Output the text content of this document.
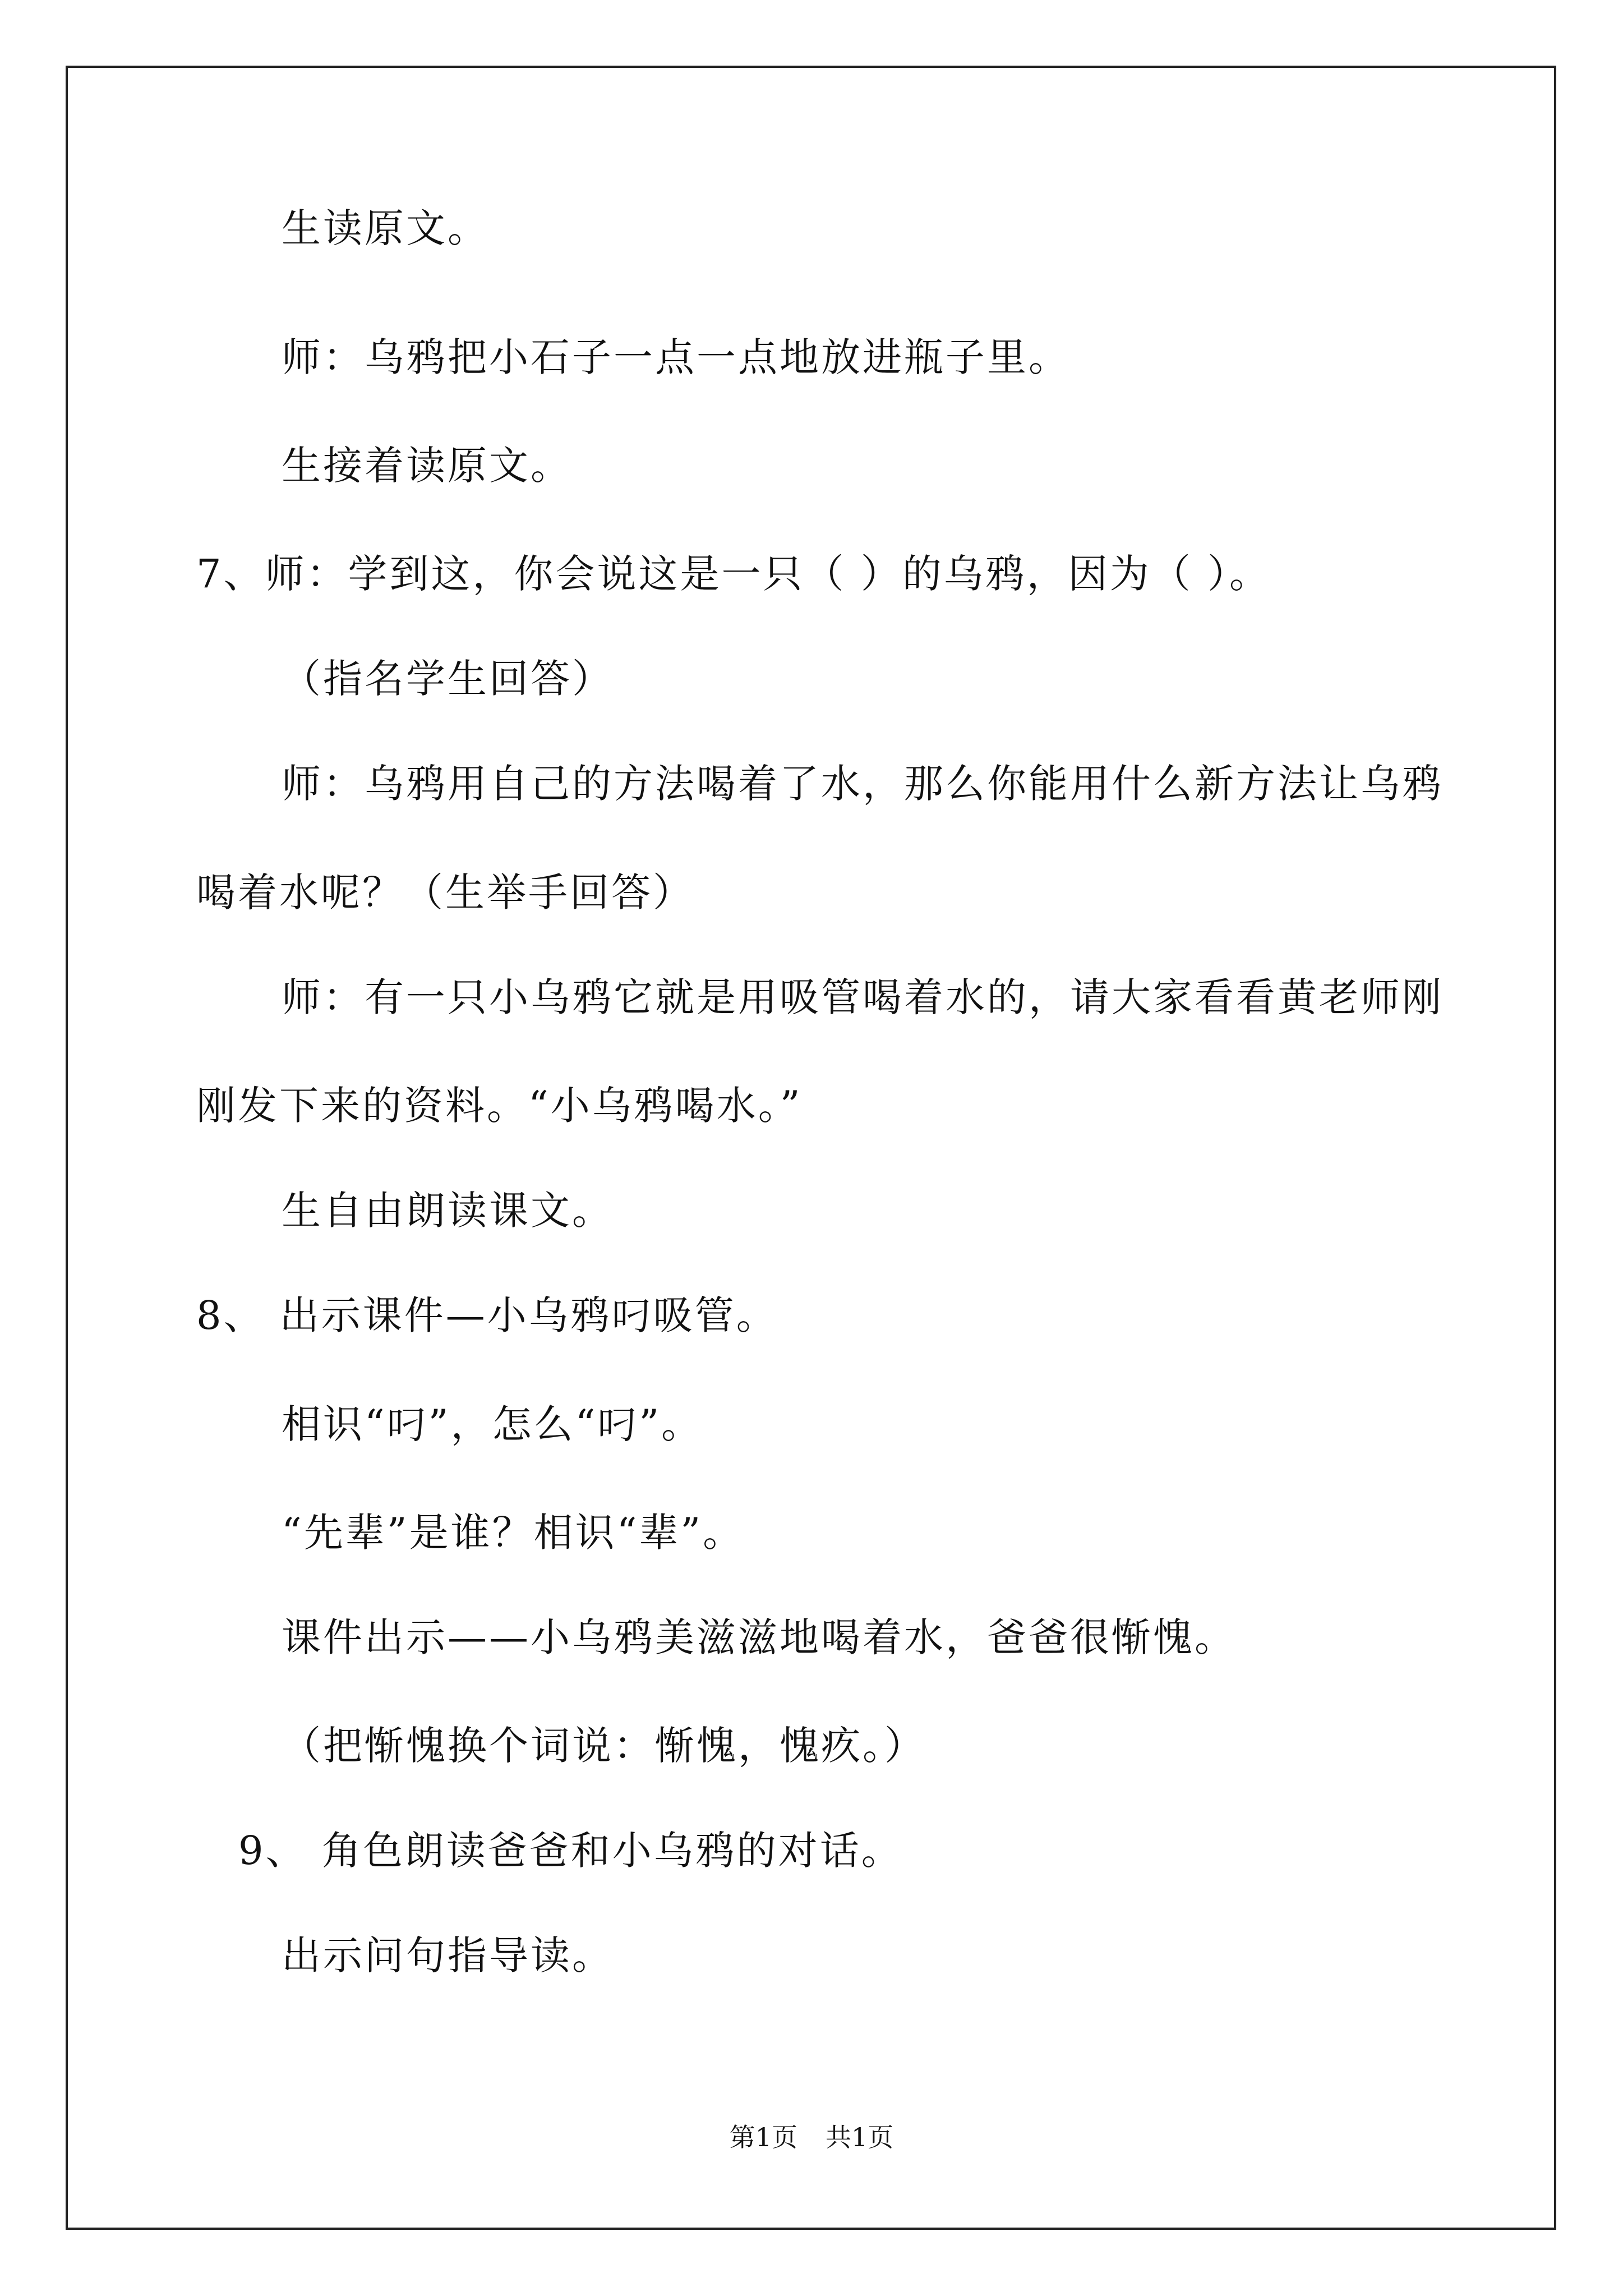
生读原文。
师：乌鸦把小石子一点一点地放进瓶子里。
生接着读原文。
7、师：学到这，你会说这是一只（ ）的乌鸦，因为（ ）。
（指名学生回答）
师：乌鸦用自己的方法喝着了水，那么你能用什么新方法让乌鸦
喝着水呢？（生举手回答）
师：有一只小乌鸦它就是用吸管喝着水的，请大家看看黄老师刚
刚发下来的资料。“小乌鸦喝水。”
生自由朗读课文。
8、 出示课件—小乌鸦叼吸管。
相识“叼”，怎么“叼”。
“先辈”是谁？相识“辈”。
课件出示——小乌鸦美滋滋地喝着水，爸爸很惭愧。
（把惭愧换个词说：惭愧，愧疚。）
9、 角色朗读爸爸和小乌鸦的对话。
出示问句指导读。
第1页 共1页
